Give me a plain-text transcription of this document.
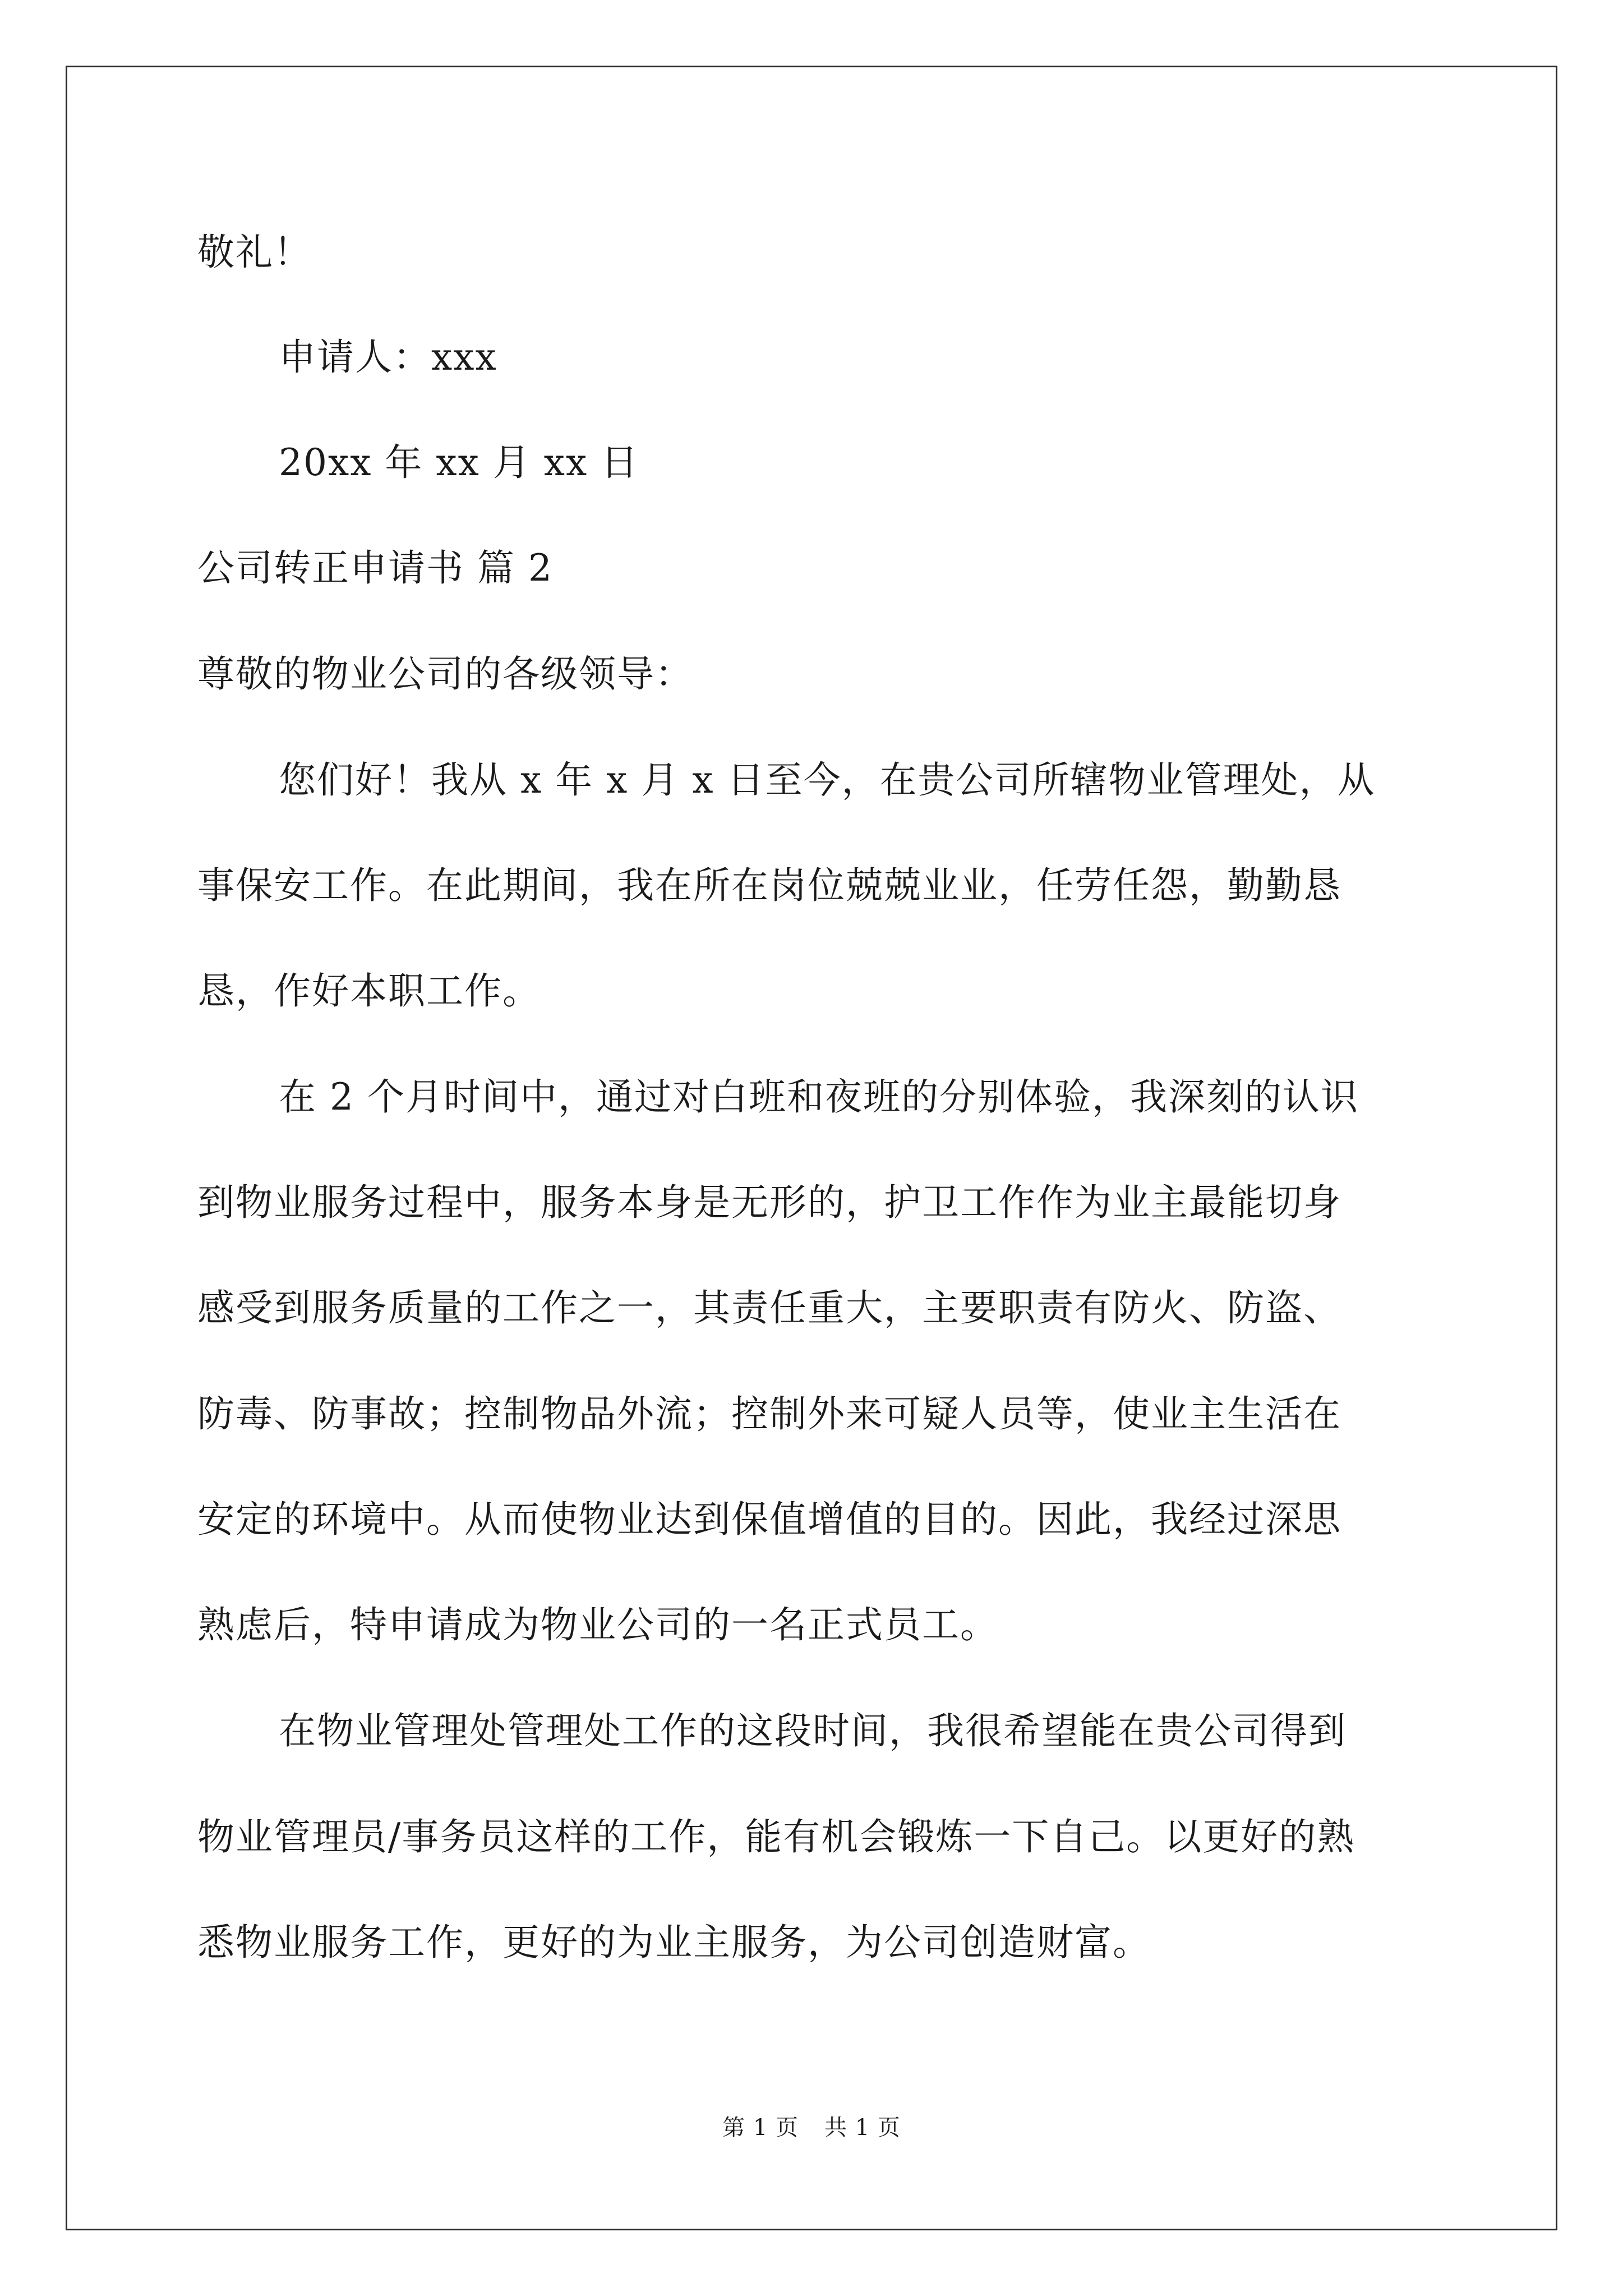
敬礼！

申请人：xxx

20xx 年 xx 月 xx 日

公司转正申请书 篇 2

尊敬的物业公司的各级领导：

您们好！我从 x 年 x 月 x 日至今，在贵公司所辖物业管理处，从

事保安工作。在此期间，我在所在岗位兢兢业业，任劳任怨，勤勤恳

恳，作好本职工作。

在 2 个月时间中，通过对白班和夜班的分别体验，我深刻的认识

到物业服务过程中，服务本身是无形的，护卫工作作为业主最能切身

感受到服务质量的工作之一，其责任重大，主要职责有防火、防盗、

防毒、防事故；控制物品外流；控制外来可疑人员等，使业主生活在

安定的环境中。从而使物业达到保值增值的目的。因此，我经过深思

熟虑后，特申请成为物业公司的一名正式员工。

在物业管理处管理处工作的这段时间，我很希望能在贵公司得到

物业管理员/事务员这样的工作，能有机会锻炼一下自己。以更好的熟

悉物业服务工作，更好的为业主服务，为公司创造财富。

第 1 页 共 1 页
